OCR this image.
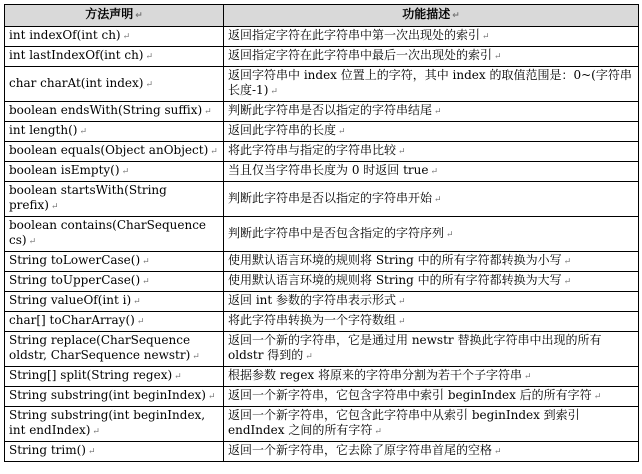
方法声明 ↵	功能描述 ↵
int indexOf(int ch) ↵	返回指定字符在此字符串中第一次出现处的索引 ↵
int lastIndexOf(int ch) ↵	返回指定字符在此字符串中最后一次出现处的索引 ↵
char charAt(int index) ↵	返回字符串中 index 位置上的字符，其中 index 的取值范围是：0~(字符串长度-1) ↵
boolean endsWith(String suffix) ↵	判断此字符串是否以指定的字符串结尾 ↵
int length() ↵	返回此字符串的长度 ↵
boolean equals(Object anObject) ↵	将此字符串与指定的字符串比较 ↵
boolean isEmpty() ↵	当且仅当字符串长度为 0 时返回 true ↵
boolean startsWith(String prefix) ↵	判断此字符串是否以指定的字符串开始 ↵
boolean contains(CharSequence cs) ↵	判断此字符串中是否包含指定的字符序列 ↵
String toLowerCase() ↵	使用默认语言环境的规则将 String 中的所有字符都转换为小写 ↵
String toUpperCase() ↵	使用默认语言环境的规则将 String 中的所有字符都转换为大写 ↵
String valueOf(int i) ↵	返回 int 参数的字符串表示形式 ↵
char[] toCharArray() ↵	将此字符串转换为一个字符数组 ↵
String replace(CharSequence oldstr, CharSequence newstr) ↵	返回一个新的字符串，它是通过用 newstr 替换此字符串中出现的所有 oldstr 得到的 ↵
String[] split(String regex) ↵	根据参数 regex 将原来的字符串分割为若干个子字符串 ↵
String substring(int beginIndex) ↵	返回一个新字符串，它包含字符串中索引 beginIndex 后的所有字符 ↵
String substring(int beginIndex, int endIndex) ↵	返回一个新字符串，它包含此字符串中从索引 beginIndex 到索引 endIndex 之间的所有字符 ↵
String trim() ↵	返回一个新字符串，它去除了原字符串首尾的空格 ↵
